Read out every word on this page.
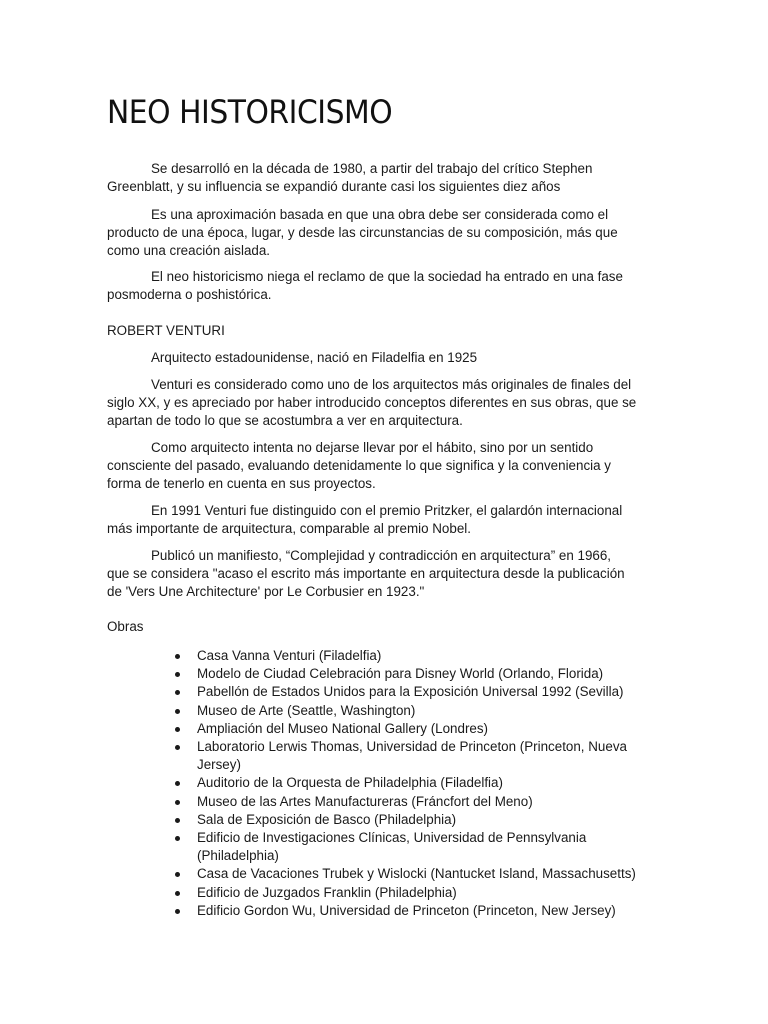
NEO HISTORICISMO

Se desarrolló en la década de 1980, a partir del trabajo del crítico Stephen Greenblatt, y su influencia se expandió durante casi los siguientes diez años

Es una aproximación basada en que una obra debe ser considerada como el producto de una época, lugar, y desde las circunstancias de su composición, más que como una creación aislada.

El neo historicismo niega el reclamo de que la sociedad ha entrado en una fase posmoderna o poshistórica.

ROBERT VENTURI

Arquitecto estadounidense, nació en Filadelfia en 1925

Venturi es considerado como uno de los arquitectos más originales de finales del siglo XX, y es apreciado por haber introducido conceptos diferentes en sus obras, que se apartan de todo lo que se acostumbra a ver en arquitectura.

Como arquitecto intenta no dejarse llevar por el hábito, sino por un sentido consciente del pasado, evaluando detenidamente lo que significa y la conveniencia y forma de tenerlo en cuenta en sus proyectos.

En 1991 Venturi fue distinguido con el premio Pritzker, el galardón internacional más importante de arquitectura, comparable al premio Nobel.

Publicó un manifiesto, “Complejidad y contradicción en arquitectura” en 1966, que se considera "acaso el escrito más importante en arquitectura desde la publicación de 'Vers Une Architecture' por Le Corbusier en 1923."

Obras

Casa Vanna Venturi (Filadelfia)
Modelo de Ciudad Celebración para Disney World (Orlando, Florida)
Pabellón de Estados Unidos para la Exposición Universal 1992 (Sevilla)
Museo de Arte (Seattle, Washington)
Ampliación del Museo National Gallery (Londres)
Laboratorio Lerwis Thomas, Universidad de Princeton (Princeton, Nueva Jersey)
Auditorio de la Orquesta de Philadelphia (Filadelfia)
Museo de las Artes Manufactureras (Fráncfort del Meno)
Sala de Exposición de Basco (Philadelphia)
Edificio de Investigaciones Clínicas, Universidad de Pennsylvania (Philadelphia)
Casa de Vacaciones Trubek y Wislocki (Nantucket Island, Massachusetts)
Edificio de Juzgados Franklin (Philadelphia)
Edificio Gordon Wu, Universidad de Princeton (Princeton, New Jersey)
